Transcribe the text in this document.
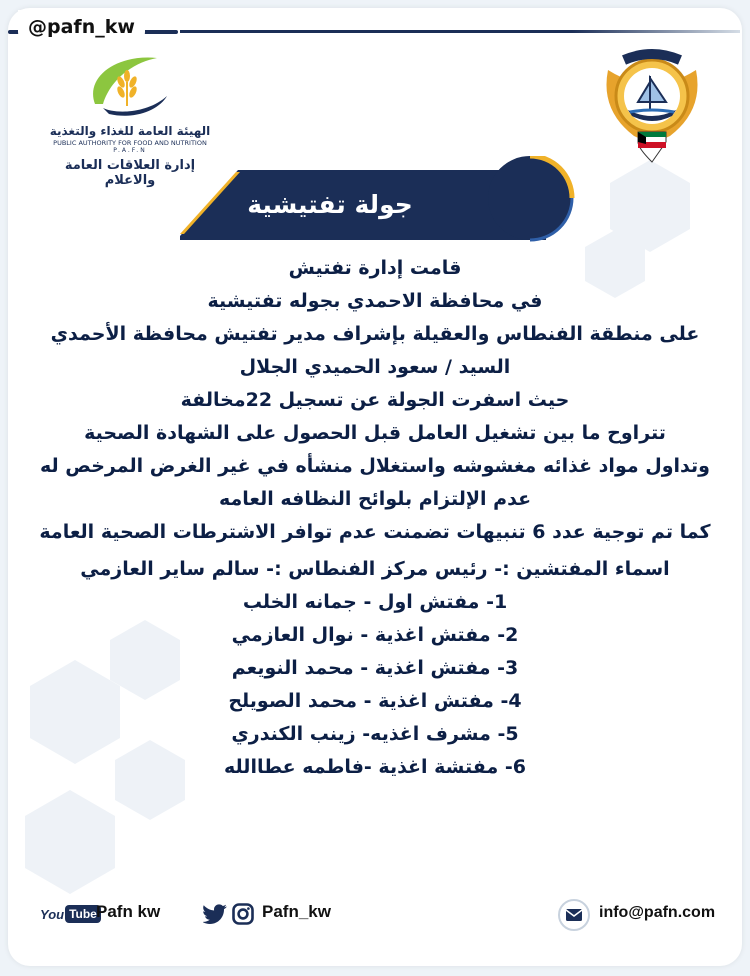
@pafn_kw
الهيئة العامة للغذاء والتغذية
PUBLIC AUTHORITY FOR FOOD AND NUTRITION
P.A.F.N
إدارة العلاقات العامة والاعلام
جولة تفتيشية

قامت إدارة تفتيش

في محافظة الاحمدي بجوله تفتيشية

على منطقة الفنطاس والعقيلة بإشراف مدير تفتيش محافظة الأحمدي

السيد / سعود الحميدي الجلال

حيث اسفرت الجولة عن تسجيل 22مخالفة

تتراوح ما بين تشغيل العامل قبل الحصول على الشهادة الصحية

وتداول مواد غذائه مغشوشه واستغلال منشأه في غير الغرض المرخص له

عدم الإلتزام بلوائح النظافه العامه

كما تم توجية عدد 6 تنبيهات تضمنت عدم توافر الاشترطات الصحية العامة

اسماء المفتشين :- رئيس مركز الفنطاس :- سالم ساير العازمي

1- مفتش اول - جمانه الخلب

2- مفتش اغذية - نوال العازمي

3- مفتش اغذية - محمد النويعم

4- مفتش اغذية - محمد الصويلح

5- مشرف اغذيه- زينب الكندري

6- مفتشة اغذية -فاطمه عطاالله

You Tube Pafn kw	Pafn_kw	info@pafn.com
